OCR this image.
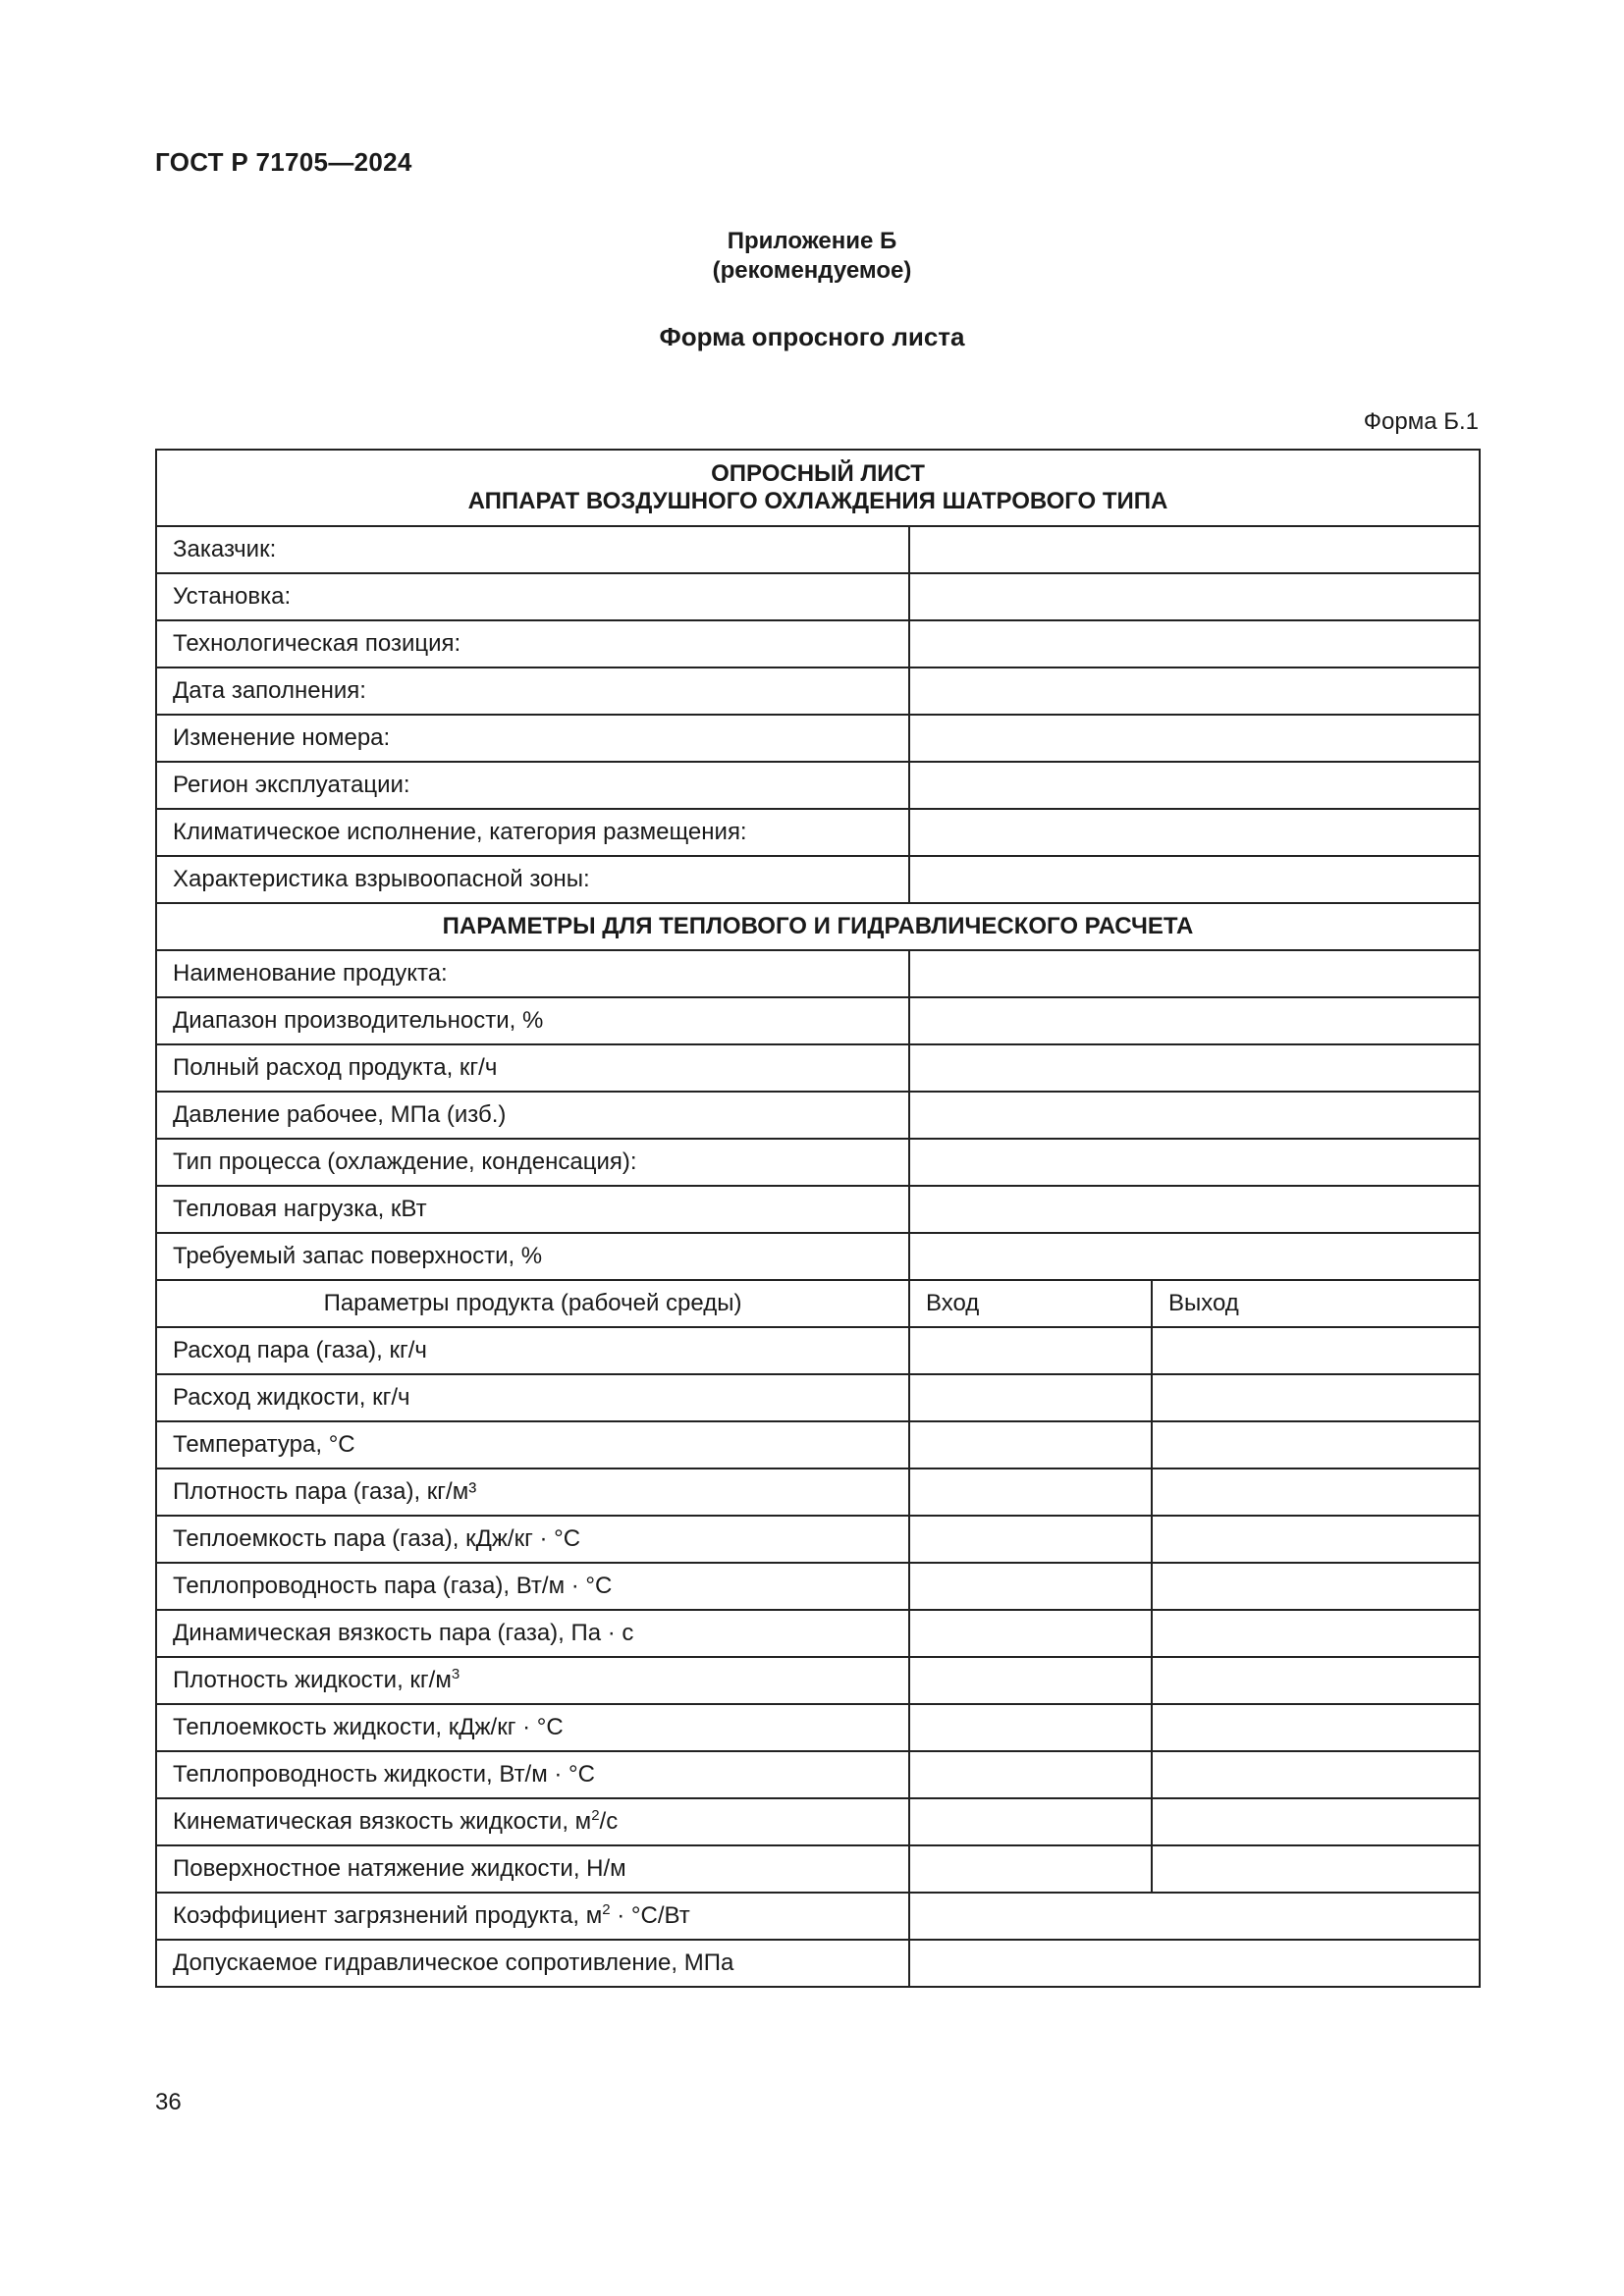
ГОСТ Р 71705—2024
Приложение Б
(рекомендуемое)
Форма опросного листа
Форма Б.1
ОПРОСНЫЙ ЛИСТ
АППАРАТ ВОЗДУШНОГО ОХЛАЖДЕНИЯ ШАТРОВОГО ТИПА		

Заказчик:		
Установка:		
Технологическая позиция:		
Дата заполнения:		
Изменение номера:		
Регион эксплуатации:		
Климатическое исполнение, категория размещения:		
Характеристика взрывоопасной зоны:		
ПАРАМЕТРЫ ДЛЯ ТЕПЛОВОГО И ГИДРАВЛИЧЕСКОГО РАСЧЕТА		
Наименование продукта:		
Диапазон производительности, %		
Полный расход продукта, кг/ч		
Давление рабочее, МПа (изб.)		
Тип процесса (охлаждение, конденсация):		
Тепловая нагрузка, кВт		
Требуемый запас поверхности, %		
Параметры продукта (рабочей среды)	Вход	Выход
Расход пара (газа), кг/ч		
Расход жидкости, кг/ч		
Температура, °С		
Плотность пара (газа), кг/м³		
Теплоемкость пара (газа), кДж/кг · °С		
Теплопроводность пара (газа), Вт/м · °С		
Динамическая вязкость пара (газа), Па · с		
Плотность жидкости, $кг/м^3$		
Теплоемкость жидкости, кДж/кг · °С		
Теплопроводность жидкости, Вт/м · °С		
Кинематическая вязкость жидкости, $м^2/с$		
Поверхностное натяжение жидкости, Н/м		
Коэффициент загрязнений продукта, $м^2 \cdot ^\circ С/Вт$		
Допускаемое гидравлическое сопротивление, МПа		
36
